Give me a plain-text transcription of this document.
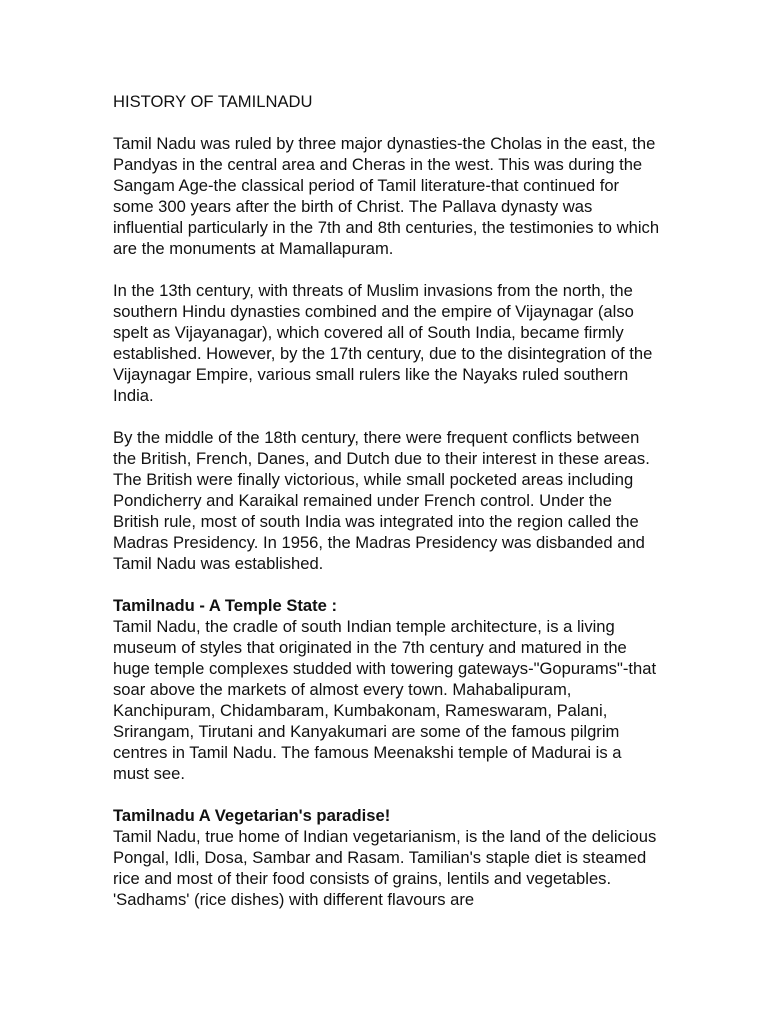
HISTORY OF TAMILNADU

Tamil Nadu was ruled by three major dynasties-the Cholas in the east, the Pandyas in the central area and Cheras in the west. This was during the Sangam Age-the classical period of Tamil literature-that continued for some 300 years after the birth of Christ. The Pallava dynasty was influential particularly in the 7th and 8th centuries, the testimonies to which are the monuments at Mamallapuram.

In the 13th century, with threats of Muslim invasions from the north, the southern Hindu dynasties combined and the empire of Vijaynagar (also spelt as Vijayanagar), which covered all of South India, became firmly established. However, by the 17th century, due to the disintegration of the Vijaynagar Empire, various small rulers like the Nayaks ruled southern India.

By the middle of the 18th century, there were frequent conflicts between the British, French, Danes, and Dutch due to their interest in these areas. The British were finally victorious, while small pocketed areas including Pondicherry and Karaikal remained under French control. Under the British rule, most of south India was integrated into the region called the Madras Presidency. In 1956, the Madras Presidency was disbanded and Tamil Nadu was established.

Tamilnadu - A Temple State :
Tamil Nadu, the cradle of south Indian temple architecture, is a living museum of styles that originated in the 7th century and matured in the huge temple complexes studded with towering gateways-"Gopurams"-that soar above the markets of almost every town. Mahabalipuram, Kanchipuram, Chidambaram, Kumbakonam, Rameswaram, Palani, Srirangam, Tirutani and Kanyakumari are some of the famous pilgrim centres in Tamil Nadu. The famous Meenakshi temple of Madurai is a must see.
Tamilnadu A Vegetarian's paradise!
Tamil Nadu, true home of Indian vegetarianism, is the land of the delicious Pongal, Idli, Dosa, Sambar and Rasam. Tamilian's staple diet is steamed rice and most of their food consists of grains, lentils and vegetables. 'Sadhams' (rice dishes) with different flavours are
